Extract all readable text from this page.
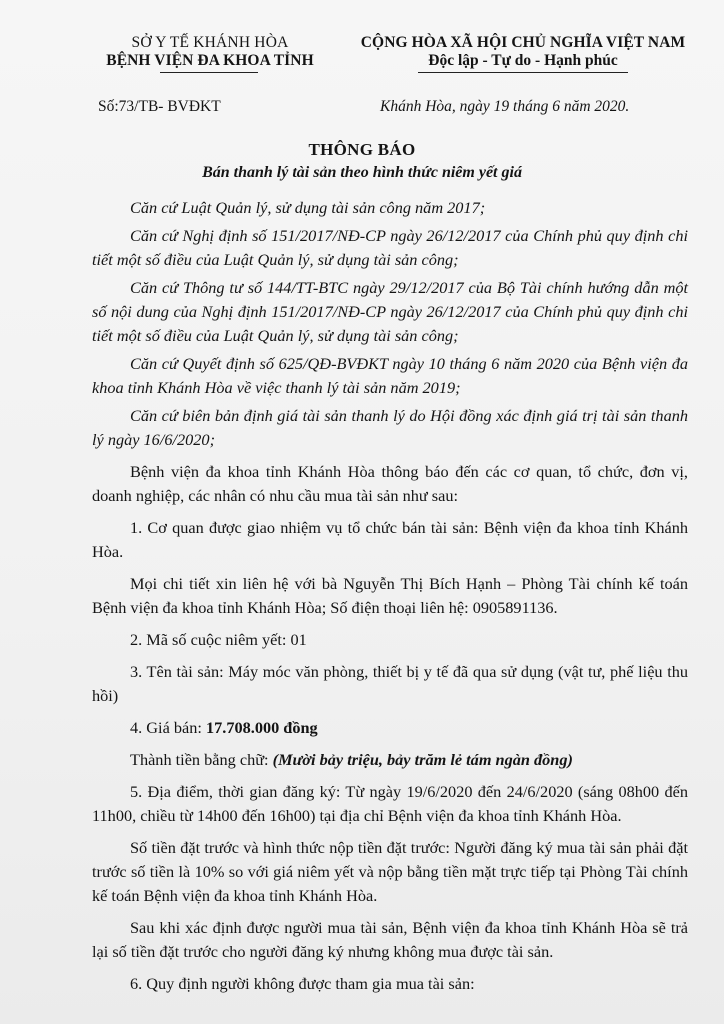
SỞ Y TẾ KHÁNH HÒA
BỆNH VIỆN ĐA KHOA TỈNH
Số:73/TB- BVĐKT
CỘNG HÒA XÃ HỘI CHỦ NGHĨA VIỆT NAM
Độc lập - Tự do - Hạnh phúc
Khánh Hòa, ngày 19 tháng 6 năm 2020.
THÔNG BÁO
Bán thanh lý tài sản theo hình thức niêm yết giá

Căn cứ Luật Quản lý, sử dụng tài sản công năm 2017;

Căn cứ Nghị định số 151/2017/NĐ-CP ngày 26/12/2017 của Chính phủ quy định chi tiết một số điều của Luật Quản lý, sử dụng tài sản công;

Căn cứ Thông tư số 144/TT-BTC ngày 29/12/2017 của Bộ Tài chính hướng dẫn một số nội dung của Nghị định 151/2017/NĐ-CP ngày 26/12/2017 của Chính phủ quy định chi tiết một số điều của Luật Quản lý, sử dụng tài sản công;

Căn cứ Quyết định số 625/QĐ-BVĐKT ngày 10 tháng 6 năm 2020 của Bệnh viện đa khoa tỉnh Khánh Hòa về việc thanh lý tài sản năm 2019;

Căn cứ biên bản định giá tài sản thanh lý do Hội đồng xác định giá trị tài sản thanh lý ngày 16/6/2020;

Bệnh viện đa khoa tỉnh Khánh Hòa thông báo đến các cơ quan, tổ chức, đơn vị, doanh nghiệp, các nhân có nhu cầu mua tài sản như sau:

1. Cơ quan được giao nhiệm vụ tổ chức bán tài sản: Bệnh viện đa khoa tỉnh Khánh Hòa.

Mọi chi tiết xin liên hệ với bà Nguyễn Thị Bích Hạnh – Phòng Tài chính kế toán Bệnh viện đa khoa tỉnh Khánh Hòa; Số điện thoại liên hệ: 0905891136.

2. Mã số cuộc niêm yết: 01

3. Tên tài sản: Máy móc văn phòng, thiết bị y tế đã qua sử dụng (vật tư, phế liệu thu hồi)

4. Giá bán: 17.708.000 đồng

Thành tiền bằng chữ: (Mười bảy triệu, bảy trăm lẻ tám ngàn đồng)

5. Địa điểm, thời gian đăng ký: Từ ngày 19/6/2020 đến 24/6/2020 (sáng 08h00 đến 11h00, chiều từ 14h00 đến 16h00) tại địa chỉ Bệnh viện đa khoa tỉnh Khánh Hòa.

Số tiền đặt trước và hình thức nộp tiền đặt trước: Người đăng ký mua tài sản phải đặt trước số tiền là 10% so với giá niêm yết và nộp bằng tiền mặt trực tiếp tại Phòng Tài chính kế toán Bệnh viện đa khoa tỉnh Khánh Hòa.

Sau khi xác định được người mua tài sản, Bệnh viện đa khoa tỉnh Khánh Hòa sẽ trả lại số tiền đặt trước cho người đăng ký nhưng không mua được tài sản.

6. Quy định người không được tham gia mua tài sản:
